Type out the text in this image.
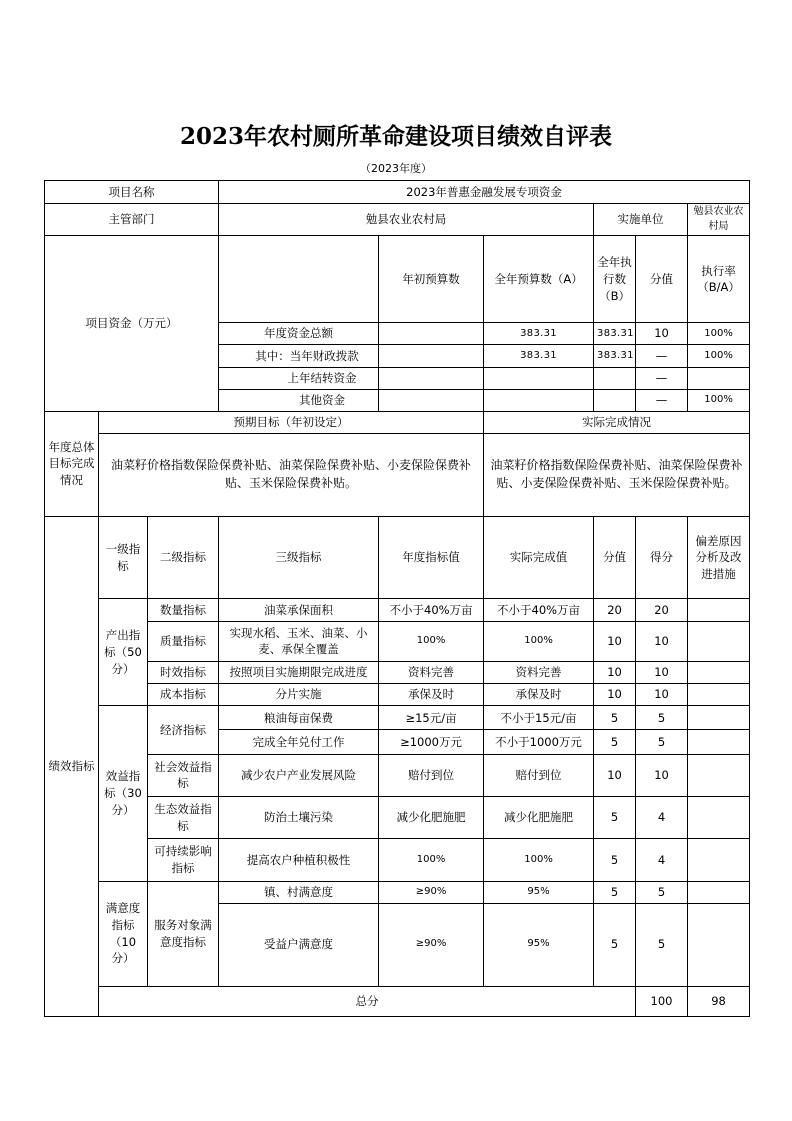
2023年农村厕所革命建设项目绩效自评表
（2023年度）
项目名称			2023年普惠金融发展专项资金						
主管部门			勉县农业农村局			实施单位		勉县农业农村局	
项目资金（万元）				年初预算数	全年预算数（A）	全年执行数（B）	分值	执行率（B/A）	
			年度资金总额		383.31	383.31	10	100%	
			其中：当年财政拨款		383.31	383.31	—	100%	
			上年结转资金				—		
			其他资金				—	100%	
年度总体目标完成情况	预期目标（年初设定）				实际完成情况				
	油菜籽价格指数保险保费补贴、油菜保险保费补贴、小麦保险保费补贴、玉米保险保费补贴。				油菜籽价格指数保险保费补贴、油菜保险保费补贴、小麦保险保费补贴、玉米保险保费补贴。				
绩效指标	一级指标	二级指标	三级指标	年度指标值	实际完成值	分值	得分	偏差原因分析及改进措施	
	产出指标（50分）	数量指标	油菜承保面积	不小于40%万亩	不小于40%万亩	20	20		
		质量指标	实现水稻、玉米、油菜、小麦、承保全覆盖	100%	100%	10	10		
		时效指标	按照项目实施期限完成进度	资料完善	资料完善	10	10		
		成本指标	分片实施	承保及时	承保及时	10	10		
	效益指标（30分）	经济指标	粮油每亩保费	≥15元/亩	不小于15元/亩	5	5		
			完成全年兑付工作	≥1000万元	不小于1000万元	5	5		
		社会效益指标	减少农户产业发展风险	赔付到位	赔付到位	10	10		
		生态效益指标	防治土壤污染	减少化肥施肥	减少化肥施肥	5	4		
		可持续影响指标	提高农户种植积极性	100%	100%	5	4		
	满意度指标（10分）	服务对象满意度指标	镇、村满意度	≥90%	95%	5	5		
			受益户满意度	≥90%	95%	5	5		
	总分						100	98	
